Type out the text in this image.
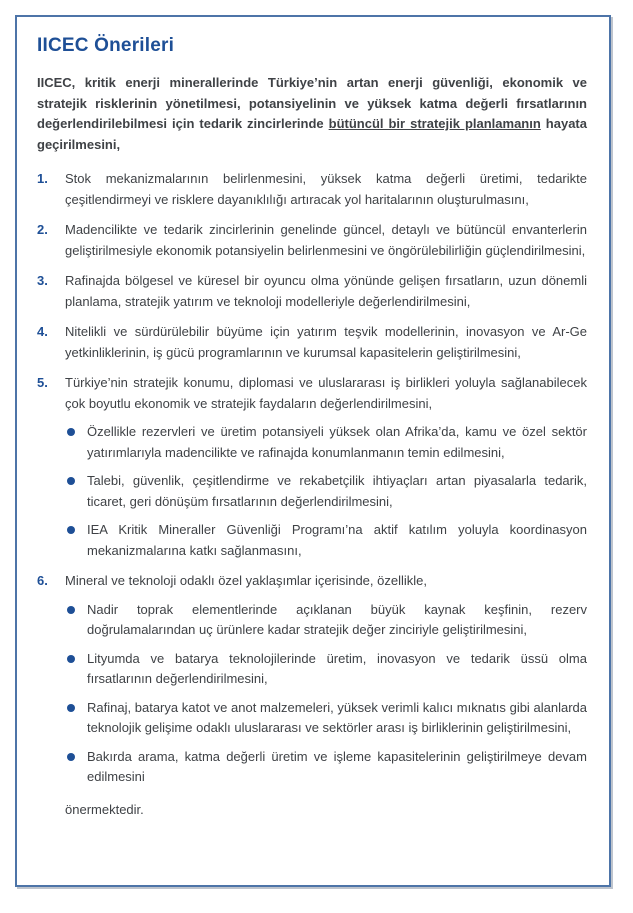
IICEC Önerileri

IICEC, kritik enerji minerallerinde Türkiye’nin artan enerji güvenliği, ekonomik ve stratejik risklerinin yönetilmesi, potansiyelinin ve yüksek katma değerli fırsatlarının değerlendirilebilmesi için tedarik zincirlerinde bütüncül bir stratejik planlamanın hayata geçirilmesini,

1.	Stok mekanizmalarının belirlenmesini, yüksek katma değerli üretimi, tedarikte çeşitlendirmeyi ve risklere dayanıklılığı artıracak yol haritalarının oluşturulmasını,
2.	Madencilikte ve tedarik zincirlerinin genelinde güncel, detaylı ve bütüncül envanterlerin geliştirilmesiyle ekonomik potansiyelin belirlenmesini ve öngörülebilirliğin güçlendirilmesini,
3.	Rafinajda bölgesel ve küresel bir oyuncu olma yönünde gelişen fırsatların, uzun dönemli planlama, stratejik yatırım ve teknoloji modelleriyle değerlendirilmesini,
4.	Nitelikli ve sürdürülebilir büyüme için yatırım teşvik modellerinin, inovasyon ve Ar-Ge yetkinliklerinin, iş gücü programlarının ve kurumsal kapasitelerin geliştirilmesini,
5.	Türkiye’nin stratejik konumu, diplomasi ve uluslararası iş birlikleri yoluyla sağlanabilecek çok boyutlu ekonomik ve stratejik faydaların değerlendirilmesini,
Özellikle rezervleri ve üretim potansiyeli yüksek olan Afrika’da, kamu ve özel sektör yatırımlarıyla madencilikte ve rafinajda konumlanmanın temin edilmesini,
Talebi, güvenlik, çeşitlendirme ve rekabetçilik ihtiyaçları artan piyasalarla tedarik, ticaret, geri dönüşüm fırsatlarının değerlendirilmesini,
IEA Kritik Mineraller Güvenliği Programı’na aktif katılım yoluyla koordinasyon mekanizmalarına katkı sağlanmasını,
6.	Mineral ve teknoloji odaklı özel yaklaşımlar içerisinde, özellikle,
Nadir toprak elementlerinde açıklanan büyük kaynak keşfinin, rezerv doğrulamalarından uç ürünlere kadar stratejik değer zinciriyle geliştirilmesini,
Lityumda ve batarya teknolojilerinde üretim, inovasyon ve tedarik üssü olma fırsatlarının değerlendirilmesini,
Rafinaj, batarya katot ve anot malzemeleri, yüksek verimli kalıcı mıknatıs gibi alanlarda teknolojik gelişime odaklı uluslararası ve sektörler arası iş birliklerinin geliştirilmesini,
Bakırda arama, katma değerli üretim ve işleme kapasitelerinin geliştirilmeye devam edilmesini

önermektedir.
